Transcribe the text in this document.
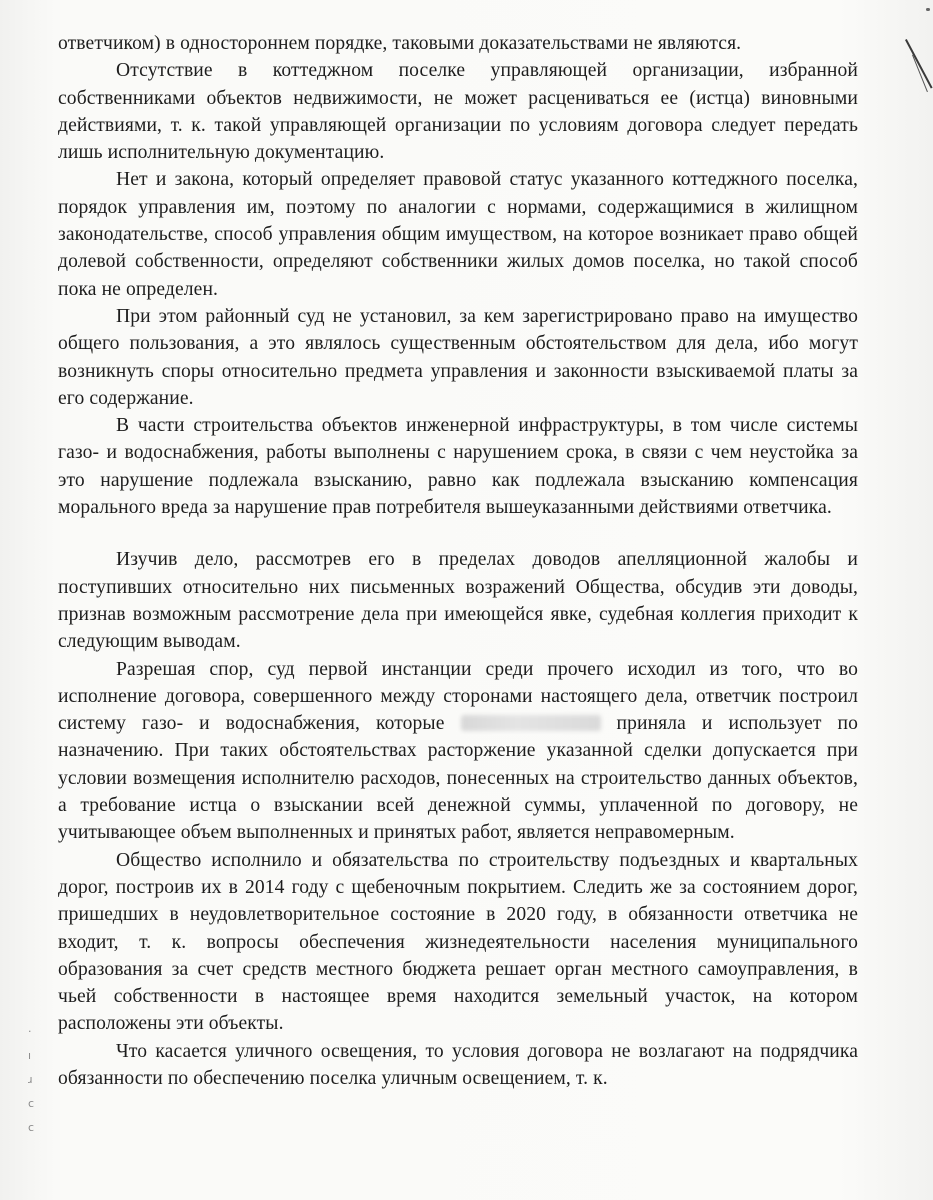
ответчиком) в одностороннем порядке, таковыми доказательствами не являются.

Отсутствие в коттеджном поселке управляющей организации, избранной собственниками объектов недвижимости, не может расцениваться ее (истца) виновными действиями, т. к. такой управляющей организации по условиям договора следует передать лишь исполнительную документацию.

Нет и закона, который определяет правовой статус указанного коттеджного поселка, порядок управления им, поэтому по аналогии с нормами, содержащимися в жилищном законодательстве, способ управления общим имуществом, на которое возникает право общей долевой собственности, определяют собственники жилых домов поселка, но такой способ пока не определен.

При этом районный суд не установил, за кем зарегистрировано право на имущество общего пользования, а это являлось существенным обстоятельством для дела, ибо могут возникнуть споры относительно предмета управления и законности взыскиваемой платы за его содержание.

В части строительства объектов инженерной инфраструктуры, в том числе системы газо- и водоснабжения, работы выполнены с нарушением срока, в связи с чем неустойка за это нарушение подлежала взысканию, равно как подлежала взысканию компенсация морального вреда за нарушение прав потребителя вышеуказанными действиями ответчика.

Изучив дело, рассмотрев его в пределах доводов апелляционной жалобы и поступивших относительно них письменных возражений Общества, обсудив эти доводы, признав возможным рассмотрение дела при имеющейся явке, судебная коллегия приходит к следующим выводам.

Разрешая спор, суд первой инстанции среди прочего исходил из того, что во исполнение договора, совершенного между сторонами настоящего дела, ответчик построил систему газо- и водоснабжения, которые	приняла и использует по назначению. При таких обстоятельствах расторжение указанной сделки допускается при условии возмещения исполнителю расходов, понесенных на строительство данных объектов, а требование истца о взыскании всей денежной суммы, уплаченной по договору, не учитывающее объем выполненных и принятых работ, является неправомерным.

Общество исполнило и обязательства по строительству подъездных и квартальных дорог, построив их в 2014 году с щебеночным покрытием. Следить же за состоянием дорог, пришедших в неудовлетворительное состояние в 2020 году, в обязанности ответчика не входит, т. к. вопросы обеспечения жизнедеятельности населения муниципального образования за счет средств местного бюджета решает орган местного самоуправления, в чьей собственности в настоящее время находится земельный участок, на котором расположены эти объекты.

Что касается уличного освещения, то условия договора не возлагают на подрядчика обязанности по обеспечению поселка уличным освещением, т. к.

·
ı
ɹ
c
c
